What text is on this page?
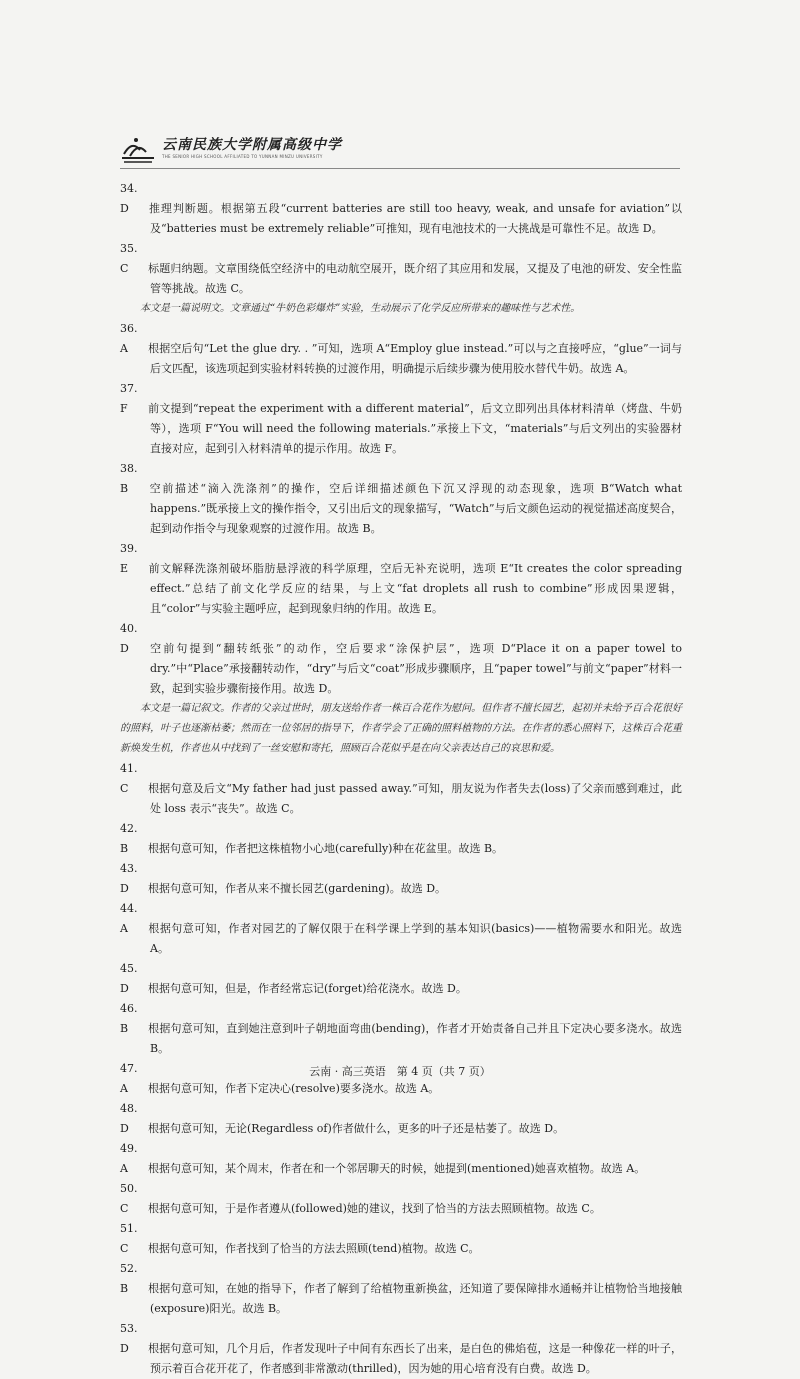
云南民族大学附属高级中学
THE SENIOR HIGH SCHOOL AFFILIATED TO YUNNAN MINZU UNIVERSITY

34. D 推理判断题。根据第五段“current batteries are still too heavy, weak, and unsafe for aviation”以及“batteries must be extremely reliable”可推知，现有电池技术的一大挑战是可靠性不足。故选 D。

35. C 标题归纳题。文章围绕低空经济中的电动航空展开，既介绍了其应用和发展，又提及了电池的研发、安全性监管等挑战。故选 C。

本文是一篇说明文。文章通过“牛奶色彩爆炸”实验，生动展示了化学反应所带来的趣味性与艺术性。

36. A 根据空后句“Let the glue dry. . ”可知，选项 A“Employ glue instead.”可以与之直接呼应，“glue”一词与后文匹配，该选项起到实验材料转换的过渡作用，明确提示后续步骤为使用胶水替代牛奶。故选 A。

37. F 前文提到“repeat the experiment with a different material”，后文立即列出具体材料清单（烤盘、牛奶等），选项 F“You will need the following materials.”承接上下文，“materials”与后文列出的实验器材直接对应，起到引入材料清单的提示作用。故选 F。

38. B 空前描述“滴入洗涤剂”的操作，空后详细描述颜色下沉又浮现的动态现象，选项 B“Watch what happens.”既承接上文的操作指令，又引出后文的现象描写，“Watch”与后文颜色运动的视觉描述高度契合，起到动作指令与现象观察的过渡作用。故选 B。

39. E 前文解释洗涤剂破坏脂肪悬浮液的科学原理，空后无补充说明，选项 E“It creates the color spreading effect.”总结了前文化学反应的结果，与上文“fat droplets all rush to combine”形成因果逻辑，且“color”与实验主题呼应，起到现象归纳的作用。故选 E。

40. D 空前句提到“翻转纸张”的动作，空后要求“涂保护层”，选项 D“Place it on a paper towel to dry.”中“Place”承接翻转动作，“dry”与后文“coat”形成步骤顺序，且“paper towel”与前文“paper”材料一致，起到实验步骤衔接作用。故选 D。

本文是一篇记叙文。作者的父亲过世时，朋友送给作者一株百合花作为慰问。但作者不擅长园艺，起初并未给予百合花很好的照料，叶子也逐渐枯萎；然而在一位邻居的指导下，作者学会了正确的照料植物的方法。在作者的悉心照料下，这株百合花重新焕发生机，作者也从中找到了一丝安慰和寄托，照顾百合花似乎是在向父亲表达自己的哀思和爱。

41. C 根据句意及后文“My father had just passed away.”可知，朋友说为作者失去(loss)了父亲而感到难过，此处 loss 表示“丧失”。故选 C。

42. B 根据句意可知，作者把这株植物小心地(carefully)种在花盆里。故选 B。

43. D 根据句意可知，作者从来不擅长园艺(gardening)。故选 D。

44. A 根据句意可知，作者对园艺的了解仅限于在科学课上学到的基本知识(basics)——植物需要水和阳光。故选 A。

45. D 根据句意可知，但是，作者经常忘记(forget)给花浇水。故选 D。

46. B 根据句意可知，直到她注意到叶子朝地面弯曲(bending)，作者才开始责备自己并且下定决心要多浇水。故选 B。

47. A 根据句意可知，作者下定决心(resolve)要多浇水。故选 A。

48. D 根据句意可知，无论(Regardless of)作者做什么，更多的叶子还是枯萎了。故选 D。

49. A 根据句意可知，某个周末，作者在和一个邻居聊天的时候，她提到(mentioned)她喜欢植物。故选 A。

50. C 根据句意可知，于是作者遵从(followed)她的建议，找到了恰当的方法去照顾植物。故选 C。

51. C 根据句意可知，作者找到了恰当的方法去照顾(tend)植物。故选 C。

52. B 根据句意可知，在她的指导下，作者了解到了给植物重新换盆，还知道了要保障排水通畅并让植物恰当地接触(exposure)阳光。故选 B。

53. D 根据句意可知，几个月后，作者发现叶子中间有东西长了出来，是白色的佛焰苞，这是一种像花一样的叶子，预示着百合花开花了，作者感到非常激动(thrilled)，因为她的用心培育没有白费。故选 D。

云南 · 高三英语　第 4 页（共 7 页）
